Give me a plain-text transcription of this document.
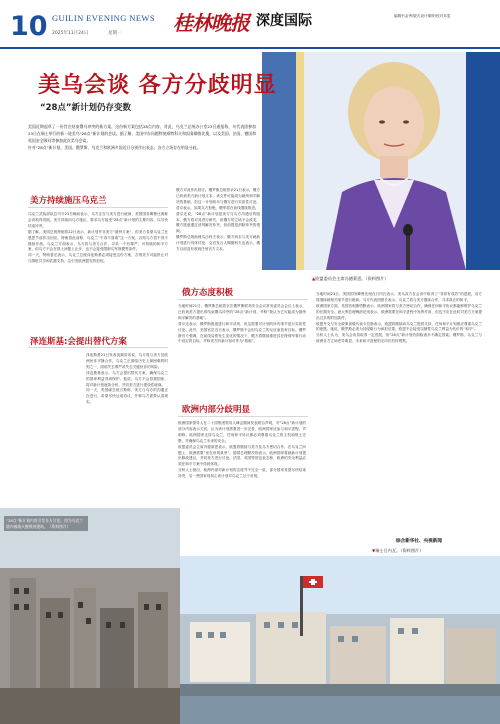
10 GUILIN EVENING NEWS
2025年11月24日	星期一	桂林晚报 深度国际	编辑韦金秀/版式设计秦烨/校对邓雯
▲欧盟委员会主席冯德莱恩。（资料图片）
美乌会谈 各方分歧明显
“28点”新计划仍存变数
美国近期起草了一份旨在结束俄乌冲突的新方案，这份新方案包括28点内容，对此，乌克兰总统办公室23日通报称，乌代表团参加23日在瑞士举行的新一轮美乌“28点”新计划的会谈。据了解，美国中东问题特使威特科夫和国务卿鲁比奥，以及美国、法国、德国和英国安全顾问等参加此次美乌会谈。
针对“28点”新计划，美国、俄罗斯、乌克兰和欧洲多国近日分别作出表态，各方立场存在明显分歧。
美方持续施压乌克兰
乌克兰武装部队总司令23日晚间表示，乌方正在与美方进行磋商，美国国务卿鲁比奥称会谈取得进展。美方持续向乌方施压，要求乌方接受“28点”新计划的主要内容，以尽快结束冲突。
据了解，美国总统特朗普22日表示，新计划并非美方“最终方案”，但美方希望乌克兰在感恩节前作出回应。特朗普此前称，乌克兰“不得不喜欢”这一方案，否则乌方将不得不继续作战。乌克兰方面表示，乌方将与美方合作，寻求一个有尊严、可持续的和平方案，但乌方不会在领土问题上让步，也不会接受限制乌军规模等条件。
同一天，特朗普还表示，乌克兰总统泽连斯基必须接受这份方案，否则美方可能停止对乌情报共享和武器支持，这引发欧洲盟友的担忧。
泽连斯基:会提出替代方案
泽连斯基21日发表视频讲话说，乌方将与美方及欧洲伙伴平静合作，乌克兰正面临历史上最困难的时刻之一，面临失去尊严或失去关键伙伴的风险。
泽连斯基表示，乌方会提出替代方案，确保乌克兰的国家利益得到保护。他说，乌方不会背叛国家，将对新计划逐条分析，并同美方进行建设性磋商。
同一天，美国副总统万斯称，美方与乌方的沟通正在进行，希望尽快达成协议，并称乌方需要认清现实。
俄方对此作出回应。俄罗斯总统普京21日表示，俄方已收到美方新计划文本，该文件可能成为最终和平解决的基础，但这一计划尚未与俄方进行实质性讨论。普京表示，如果乌方拒绝，俄军将在前线继续推进。
普京还说，“28点”新计划是美方与乌方沟通后的版本，俄方将对其进行研究，但俄方的立场不会改变，俄方愿意通过谈判解决冲突，但前提是消除冲突的根源。
俄罗斯总统助理乌沙科夫表示，俄方尚未与美方就新计划进行具体讨论，克宫发言人佩斯科夫也表示，俄方目前没有收到任何官方文本。
俄方态度积极
当地时间21日，俄罗斯总统普京在俄罗斯联邦安全会议常务委员会会议上表示，已收到美方提出的结束俄乌冲突的“28点”新计划，并称“我认为它可能成为最终和平解决的基础”。
普京还表示，俄罗斯愿意进行和平谈判，但这需要对计划的所有细节进行实质性讨论。此外，美国官员近日表示，俄罗斯不会因乌克兰的反应而放弃目标。俄罗斯官方强调，在前线局势发生变化的情况下，俄方将继续推进其在特别军事行动中设定的目标，并称美方的新计划可作为“基础”。
欧洲内部分歧明显
欧洲国家领导人在二十国集团领导人峰会期间发表联合声明，对“28点”新计划的部分内容表示关切，认为该计划需要进一步完善，欧洲国家应参与和平进程。声明称，欧洲国家支持乌克兰，任何和平协议都必须尊重乌克兰的主权和领土完整，并确保乌克兰未来的安全。
欧盟委员会主席冯德莱恩表示，欧盟将继续与美方及乌方密切合作，在乌克兰问题上，欧洲需要“坐在谈判桌旁”。德国总理默茨则表示，欧洲国家将就新计划提出修改建议，并同美方进行讨论。法国、英国等国也表态称，欧洲的安全利益必须在和平方案中得到体现。
分析人士指出，欧洲内部对新计划的态度并不完全一致，部分国家希望尽快结束冲突，另一些国家则担心该计划对乌克兰过于苛刻。
当地时间23日，美国国务卿鲁比奥在日内瓦表示，美乌双方在会谈中取得了“非常有成效”的进展，双方将继续就相关细节进行磋商。乌方代表团团长表示，乌克兰将与美方继续合作，寻求真正的和平。
欧洲国家方面，英国首相斯塔默表示，欧洲国家将与美方密切合作，确保任何和平协议都能够维护乌克兰的长期安全。意大利总理梅洛尼则表示，欧洲需要在和平进程中发挥作用，但也不应在此时对美方方案提出过多的附加条件。
欧盟外交与安全政策高级代表卡拉斯表示，欧盟将继续向乌克兰提供支持，任何和平计划都应尊重乌克兰的意愿。她说，俄罗斯必须为其侵略行为承担后果，欧盟不会接受以牺牲乌克兰利益为代价的“和平”。
分析人士认为，美乌会谈虽取得一定进展，但“28点”新计划仍面临诸多不确定因素。俄罗斯、乌克兰与欧洲各方立场差异明显，未来和平进程的走向仍有待观察。
综合新华社、央视新闻
“28点”新计划内容引发各方讨论。图为乌克兰境内被战火摧毁的建筑。（资料图片）
▼瑞士日内瓦。（资料图片）
